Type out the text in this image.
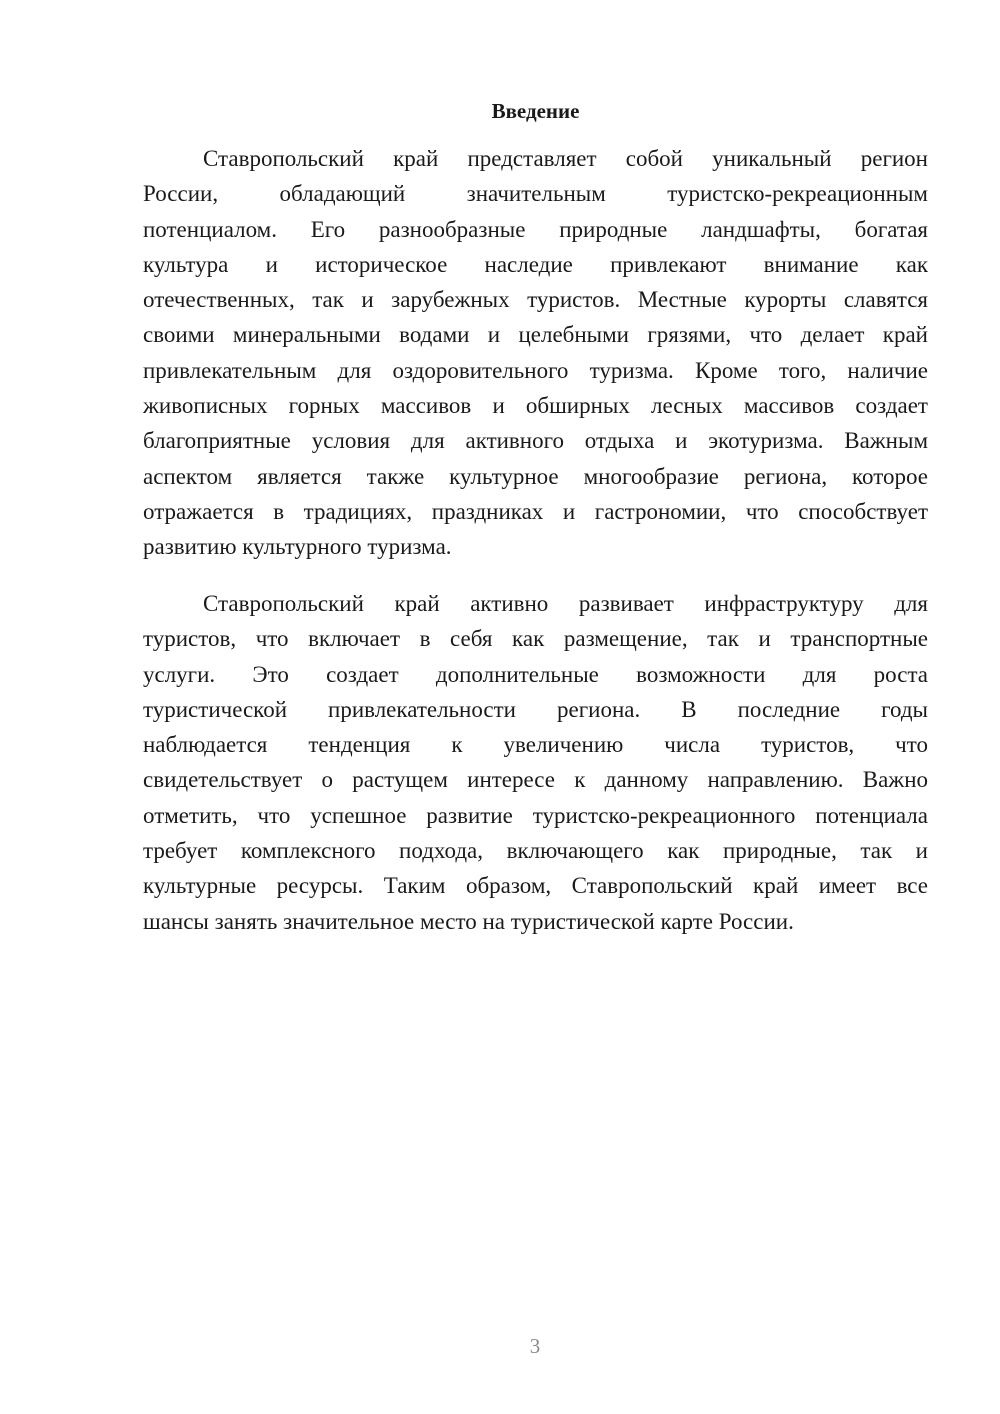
Введение
Ставропольский край представляет собой уникальный регион
России, обладающий значительным туристско-рекреационным
потенциалом. Его разнообразные природные ландшафты, богатая
культура и историческое наследие привлекают внимание как
отечественных, так и зарубежных туристов. Местные курорты славятся
своими минеральными водами и целебными грязями, что делает край
привлекательным для оздоровительного туризма. Кроме того, наличие
живописных горных массивов и обширных лесных массивов создает
благоприятные условия для активного отдыха и экотуризма. Важным
аспектом является также культурное многообразие региона, которое
отражается в традициях, праздниках и гастрономии, что способствует
развитию культурного туризма.
Ставропольский край активно развивает инфраструктуру для
туристов, что включает в себя как размещение, так и транспортные
услуги. Это создает дополнительные возможности для роста
туристической привлекательности региона. В последние годы
наблюдается тенденция к увеличению числа туристов, что
свидетельствует о растущем интересе к данному направлению. Важно
отметить, что успешное развитие туристско-рекреационного потенциала
требует комплексного подхода, включающего как природные, так и
культурные ресурсы. Таким образом, Ставропольский край имеет все
шансы занять значительное место на туристической карте России.
3
